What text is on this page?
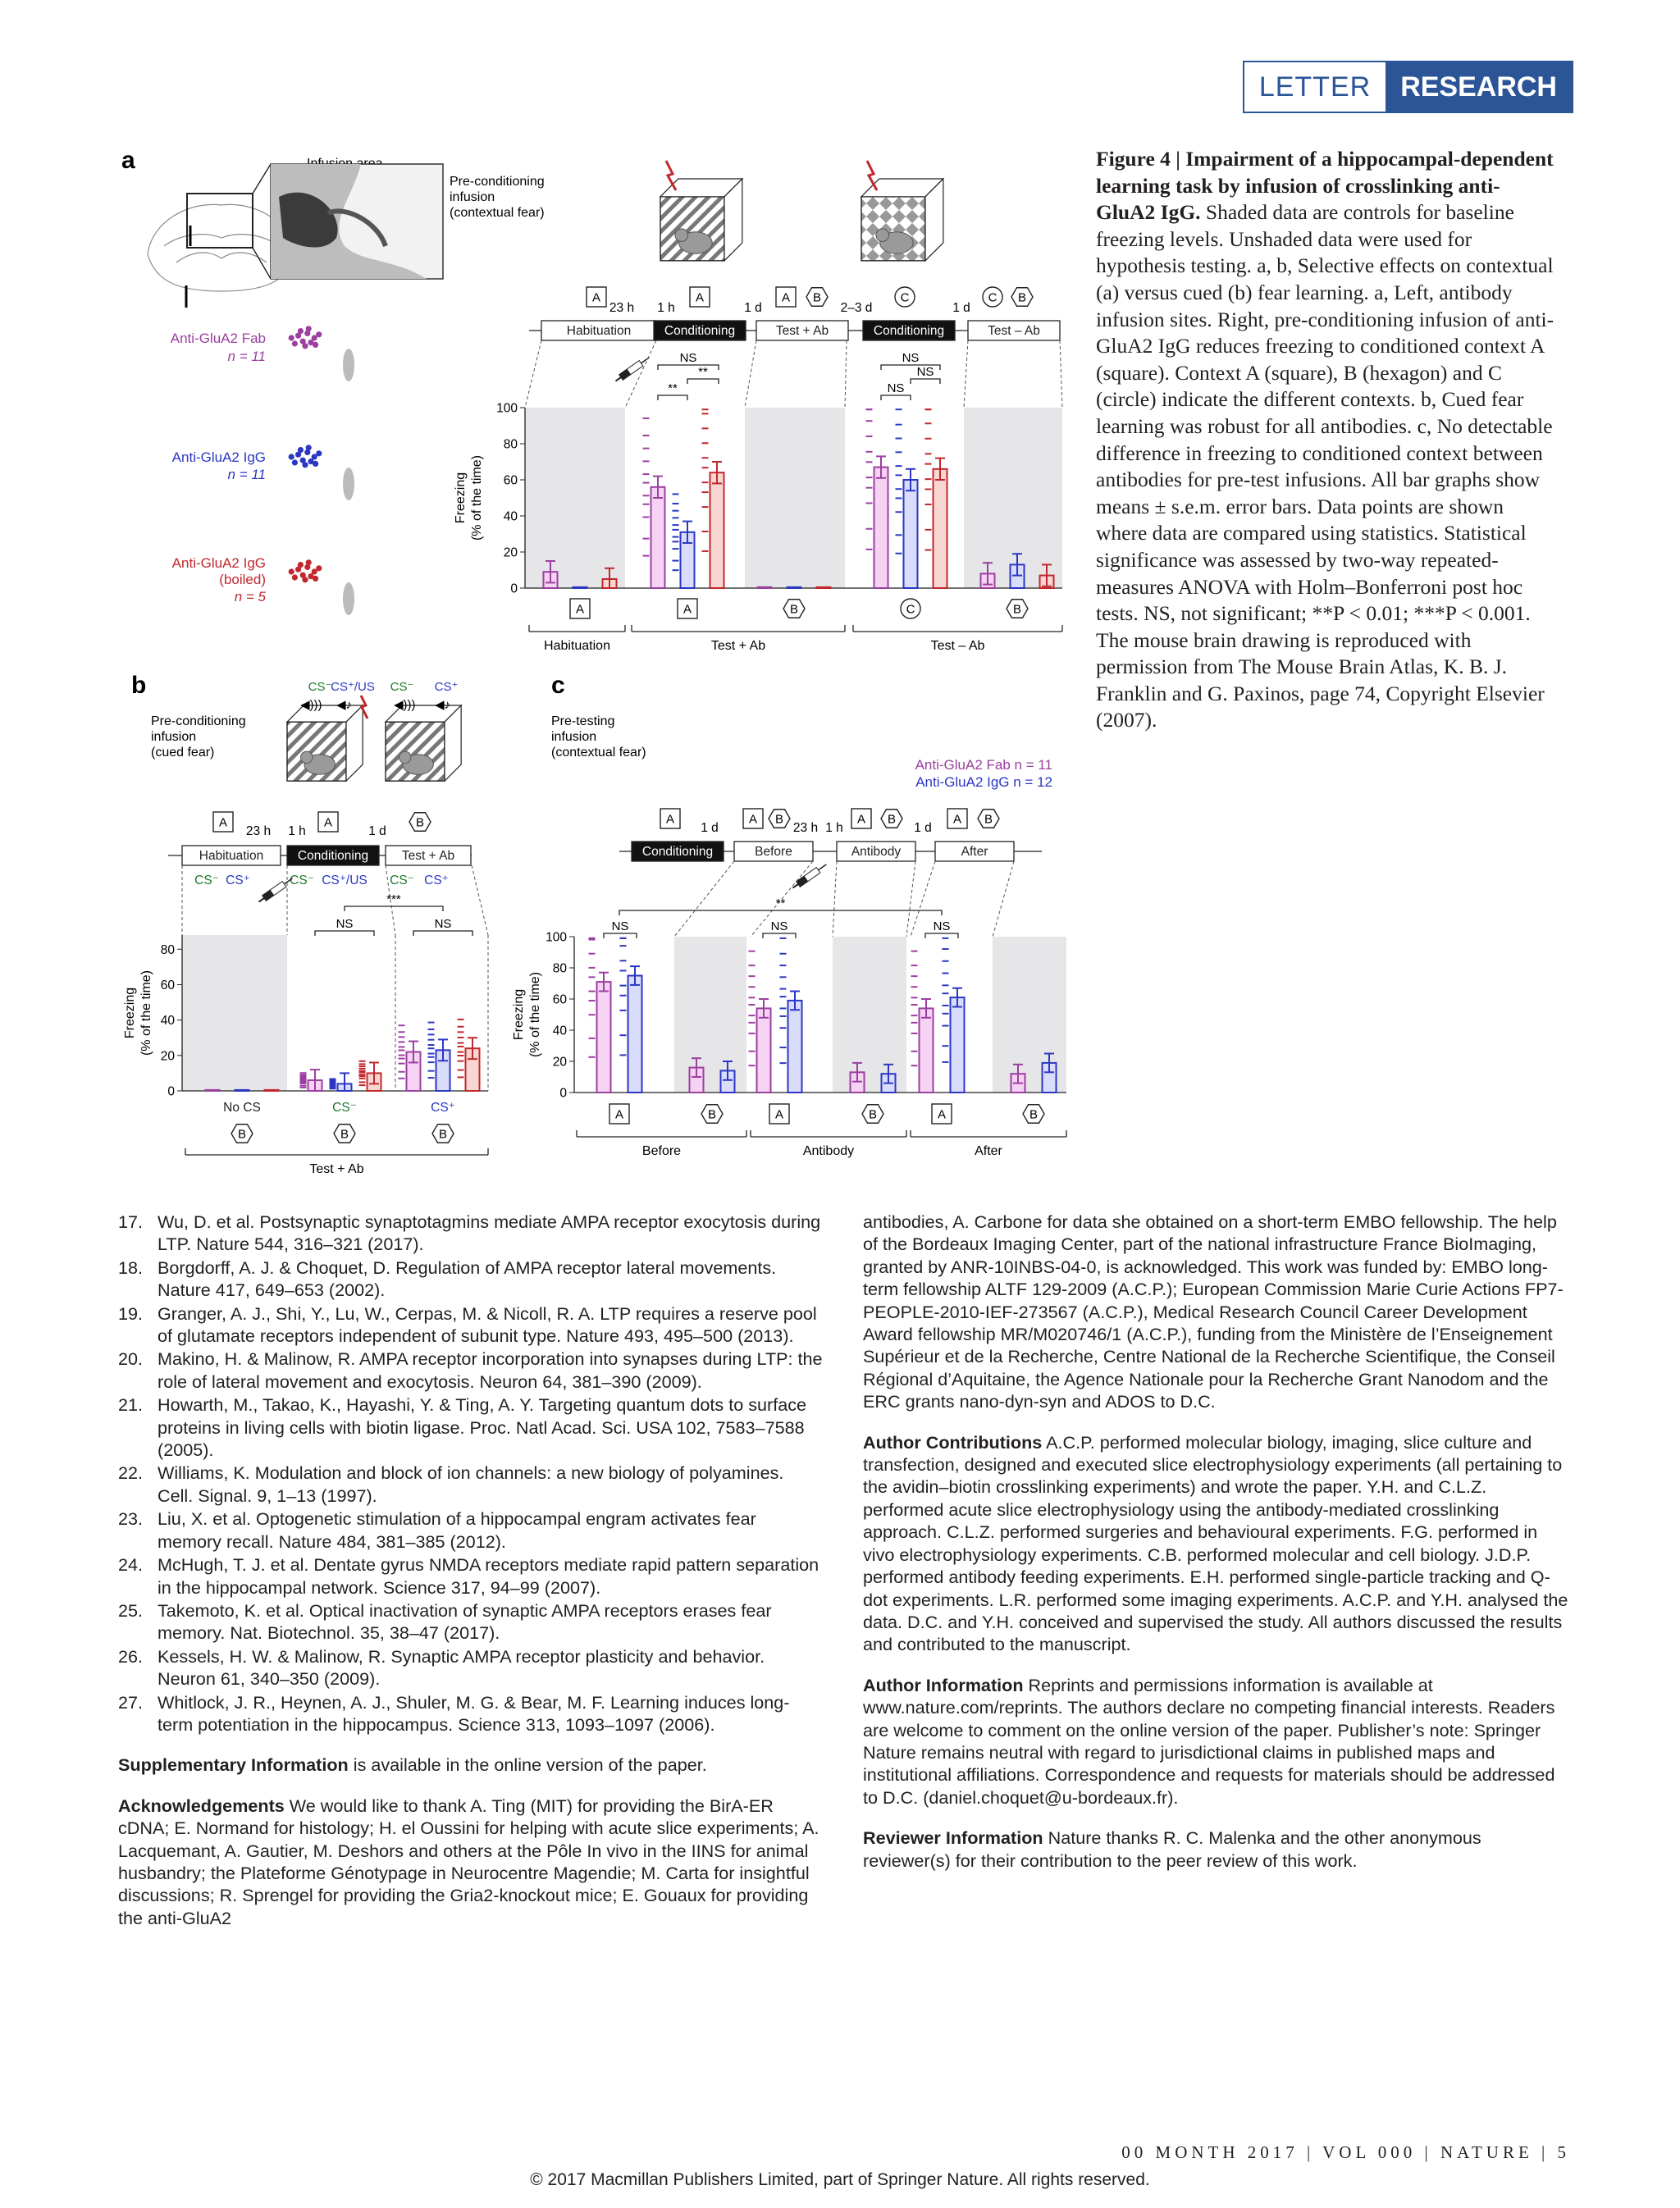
LETTER	RESEARCH
a
Pre-conditioning infusion (contextual fear)
Anti-GluA2 Fab
n = 11
Anti-GluA2 IgG
n = 11
Anti-GluA2 IgG
(boiled)
n = 5
Habituation	Conditioning	Test + Ab	Conditioning	Test – Ab
A	A	A B	C	C B
23 h 1 h	1 d	2–3 d	1 d
0
20
40
60
80
100
Freezing (% of the time)
A	A	B	C	B
Habituation	Test + Ab	Test – Ab
NS
**
**
NS
NS
NS
CS⁻
CS⁺/US CS⁻ CS⁺
◀))) ◀♪	◀))) ◀♪
Habituation	Conditioning	Test + Ab
A	A	B
23 h 1 h	1 d
CS⁻ CS⁺	CS⁻ CS⁺/US CS⁻ CS⁺
0
20
40
60
80
Freezing (% of the time)
No CS	CS⁻	CS⁺
B	B	B
Test + Ab
***
NS	NS
Conditioning	Before	Antibody	After
A	A B	A B	A B
1 d	23 h 1 h	1 d
0
20
40
60
80
100
Freezing (% of the time)
A	B	A	B	A	B
Before	Antibody	After
NS	NS	NS
**
b	c
Pre-conditioning infusion (cued fear)
Pre-testing infusion (contextual fear)
Anti-GluA2 Fab n = 11
Anti-GluA2 IgG n = 12
Figure 4 | Impairment of a hippocampal-dependent learning task by infusion of crosslinking anti-GluA2 IgG. Shaded data are controls for baseline freezing levels. Unshaded data were used for hypothesis testing. a, b, Selective effects on contextual (a) versus cued (b) fear learning. a, Left, antibody infusion sites. Right, pre-conditioning infusion of anti-GluA2 IgG reduces freezing to conditioned context A (square). Context A (square), B (hexagon) and C (circle) indicate the different contexts. b, Cued fear learning was robust for all antibodies. c, No detectable difference in freezing to conditioned context between antibodies for pre-test infusions. All bar graphs show means ± s.e.m. error bars. Data points are shown where data are compared using statistics. Statistical significance was assessed by two-way repeated-measures ANOVA with Holm–Bonferroni post hoc tests. NS, not significant; **P < 0.01; ***P < 0.001. The mouse brain drawing is reproduced with permission from The Mouse Brain Atlas, K. B. J. Franklin and G. Paxinos, page 74, Copyright Elsevier (2007).
17. Wu, D. et al. Postsynaptic synaptotagmins mediate AMPA receptor exocytosis during LTP. Nature 544, 316–321 (2017).
18. Borgdorff, A. J. & Choquet, D. Regulation of AMPA receptor lateral movements. Nature 417, 649–653 (2002).
19. Granger, A. J., Shi, Y., Lu, W., Cerpas, M. & Nicoll, R. A. LTP requires a reserve pool of glutamate receptors independent of subunit type. Nature 493, 495–500 (2013).
20. Makino, H. & Malinow, R. AMPA receptor incorporation into synapses during LTP: the role of lateral movement and exocytosis. Neuron 64, 381–390 (2009).
21. Howarth, M., Takao, K., Hayashi, Y. & Ting, A. Y. Targeting quantum dots to surface proteins in living cells with biotin ligase. Proc. Natl Acad. Sci. USA 102, 7583–7588 (2005).
22. Williams, K. Modulation and block of ion channels: a new biology of polyamines. Cell. Signal. 9, 1–13 (1997).
23. Liu, X. et al. Optogenetic stimulation of a hippocampal engram activates fear memory recall. Nature 484, 381–385 (2012).
24. McHugh, T. J. et al. Dentate gyrus NMDA receptors mediate rapid pattern separation in the hippocampal network. Science 317, 94–99 (2007).
25. Takemoto, K. et al. Optical inactivation of synaptic AMPA receptors erases fear memory. Nat. Biotechnol. 35, 38–47 (2017).
26. Kessels, H. W. & Malinow, R. Synaptic AMPA receptor plasticity and behavior. Neuron 61, 340–350 (2009).
27. Whitlock, J. R., Heynen, A. J., Shuler, M. G. & Bear, M. F. Learning induces long-term potentiation in the hippocampus. Science 313, 1093–1097 (2006).
Supplementary Information is available in the online version of the paper.
Acknowledgements We would like to thank A. Ting (MIT) for providing the BirA-ER cDNA; E. Normand for histology; H. el Oussini for helping with acute slice experiments; A. Lacquemant, A. Gautier, M. Deshors and others at the Pôle In vivo in the IINS for animal husbandry; the Plateforme Génotypage in Neurocentre Magendie; M. Carta for insightful discussions; R. Sprengel for providing the Gria2-knockout mice; E. Gouaux for providing the anti-GluA2
antibodies, A. Carbone for data she obtained on a short-term EMBO fellowship. The help of the Bordeaux Imaging Center, part of the national infrastructure France BioImaging, granted by ANR-10INBS-04-0, is acknowledged. This work was funded by: EMBO long-term fellowship ALTF 129-2009 (A.C.P.); European Commission Marie Curie Actions FP7-PEOPLE-2010-IEF-273567 (A.C.P.), Medical Research Council Career Development Award fellowship MR/M020746/1 (A.C.P.), funding from the Ministère de l’Enseignement Supérieur et de la Recherche, Centre National de la Recherche Scientifique, the Conseil Régional d’Aquitaine, the Agence Nationale pour la Recherche Grant Nanodom and the ERC grants nano-dyn-syn and ADOS to D.C.
Author Contributions A.C.P. performed molecular biology, imaging, slice culture and transfection, designed and executed slice electrophysiology experiments (all pertaining to the avidin–biotin crosslinking experiments) and wrote the paper. Y.H. and C.L.Z. performed acute slice electrophysiology using the antibody-mediated crosslinking approach. C.L.Z. performed surgeries and behavioural experiments. F.G. performed in vivo electrophysiology experiments. C.B. performed molecular and cell biology. J.D.P. performed antibody feeding experiments. E.H. performed single-particle tracking and Q-dot experiments. L.R. performed some imaging experiments. A.C.P. and Y.H. analysed the data. D.C. and Y.H. conceived and supervised the study. All authors discussed the results and contributed to the manuscript.
Author Information Reprints and permissions information is available at www.nature.com/reprints. The authors declare no competing financial interests. Readers are welcome to comment on the online version of the paper. Publisher’s note: Springer Nature remains neutral with regard to jurisdictional claims in published maps and institutional affiliations. Correspondence and requests for materials should be addressed to D.C. (daniel.choquet@u-bordeaux.fr).
Reviewer Information Nature thanks R. C. Malenka and the other anonymous reviewer(s) for their contribution to the peer review of this work.
00 MONTH 2017 | VOL 000 | NATURE | 5
© 2017 Macmillan Publishers Limited, part of Springer Nature. All rights reserved.
